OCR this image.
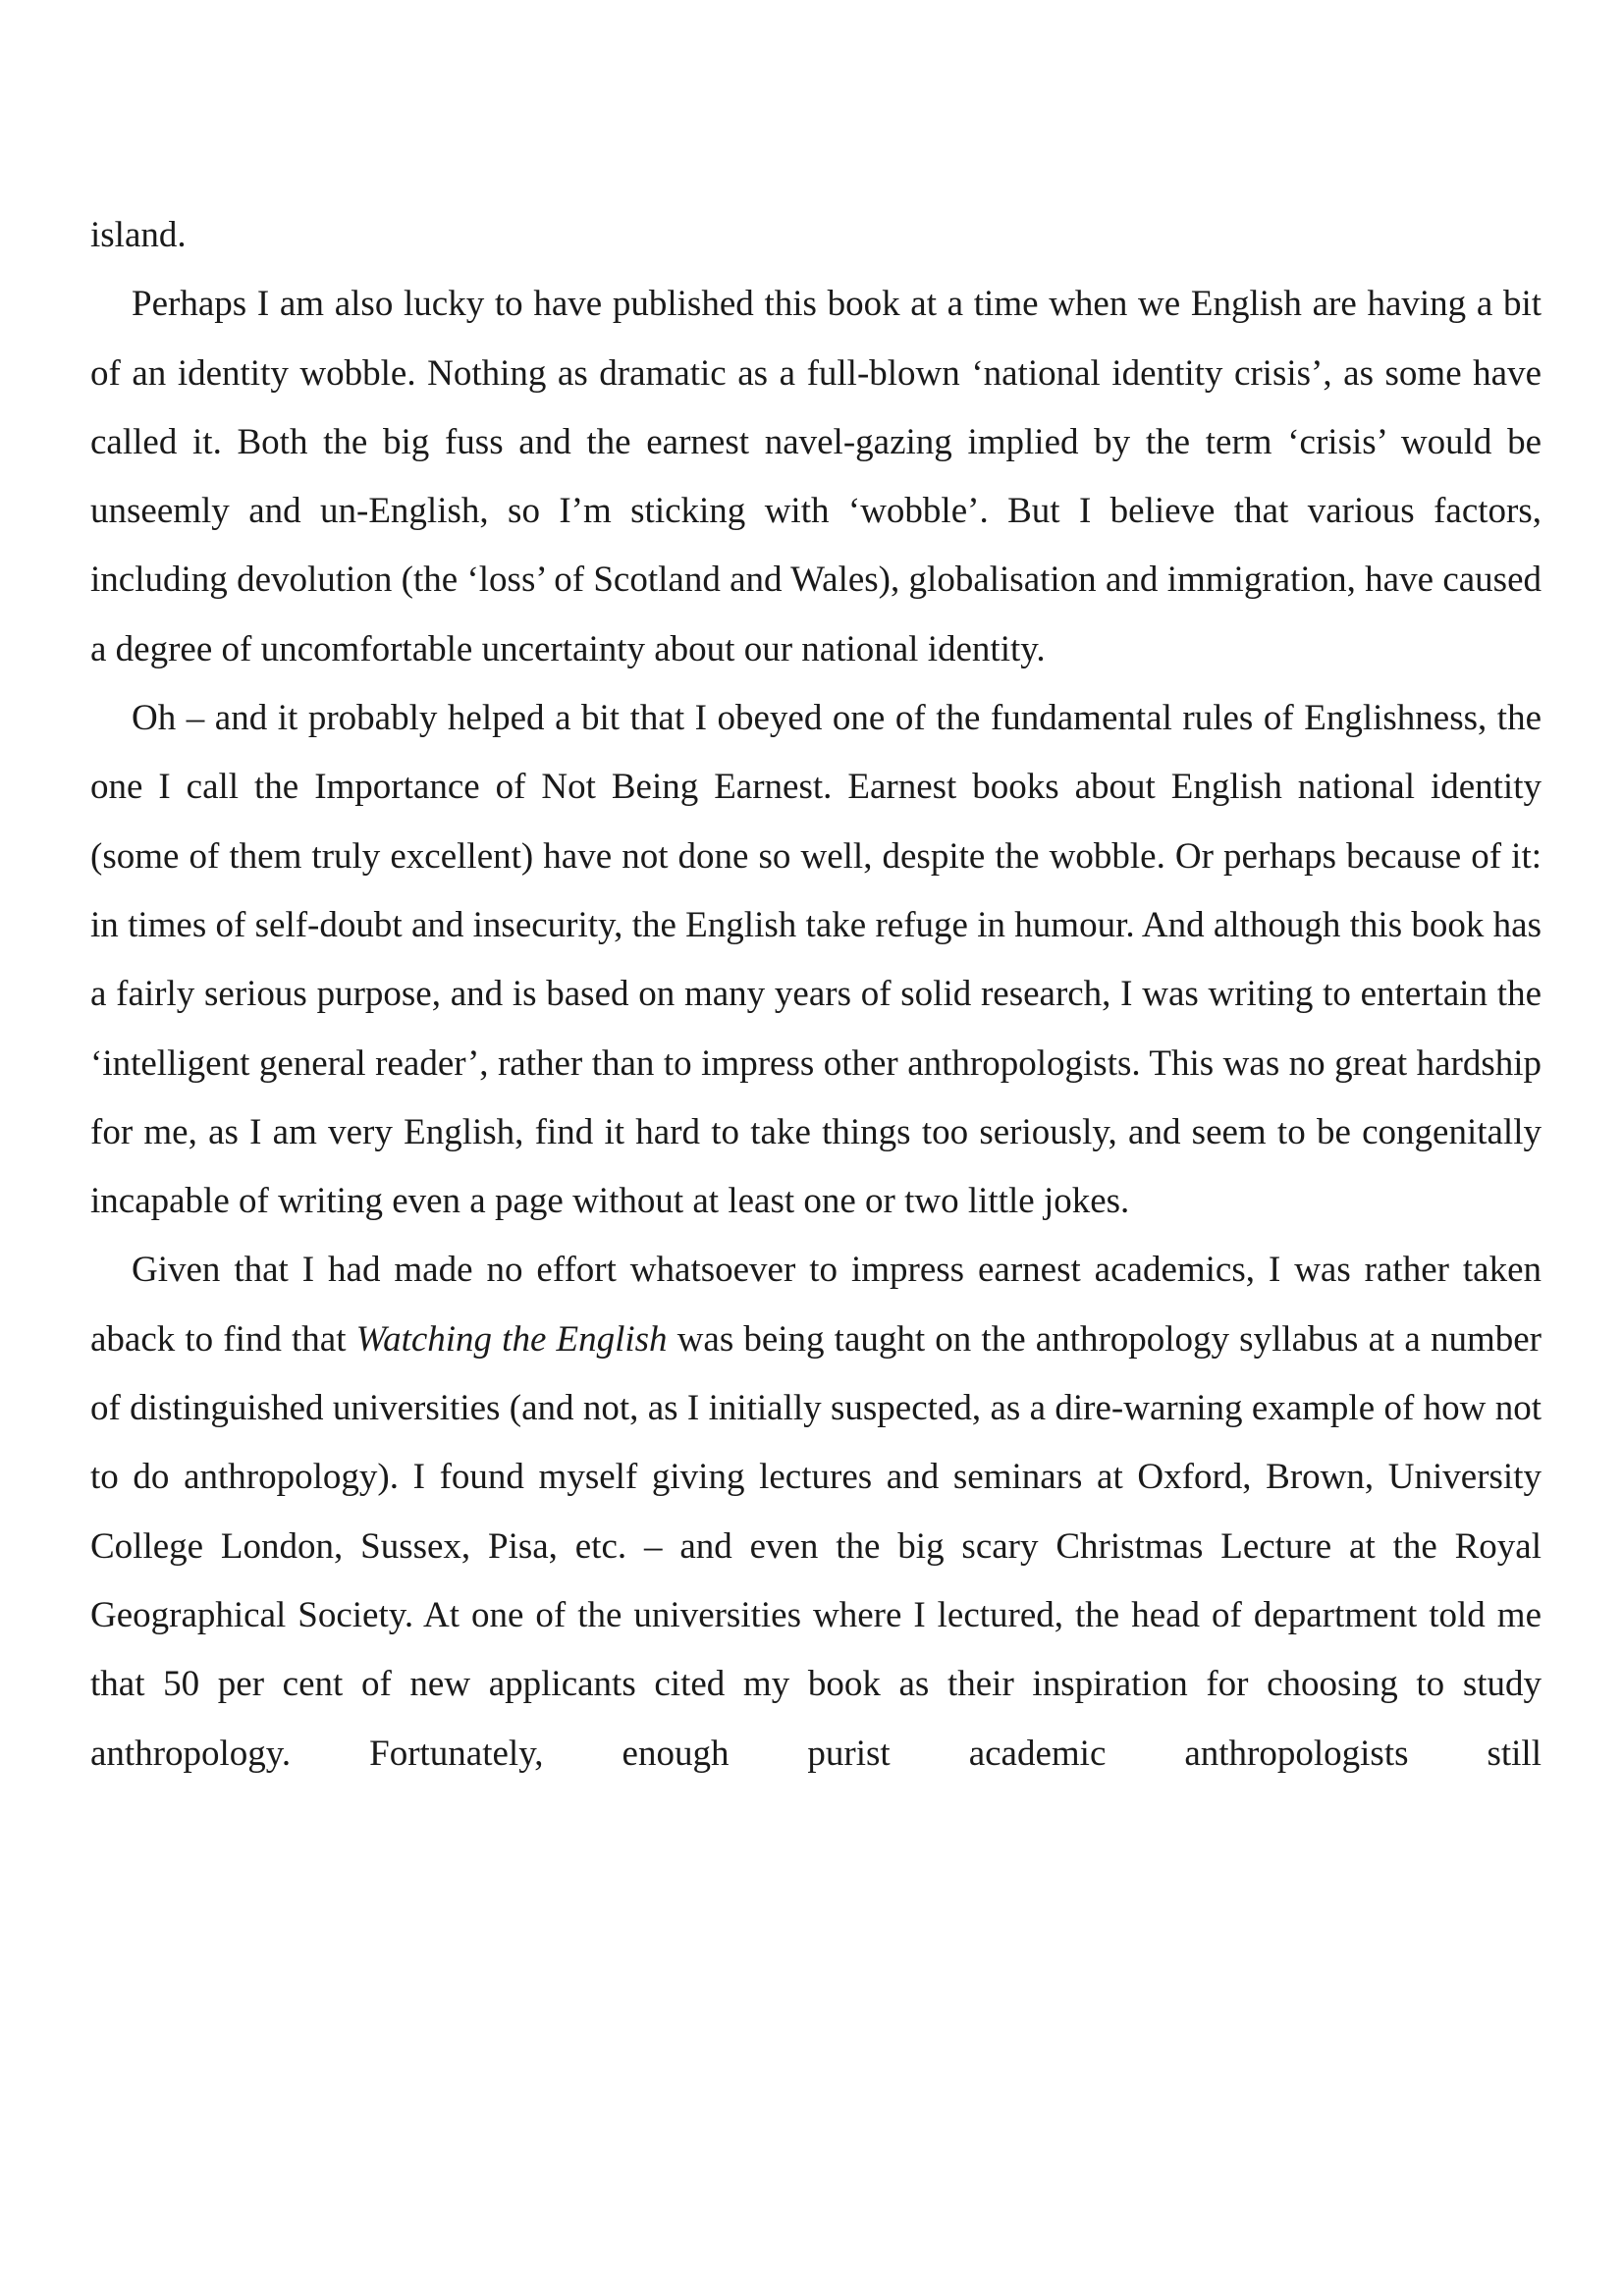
island.

Perhaps I am also lucky to have published this book at a time when we English are having a bit of an identity wobble. Nothing as dramatic as a full-blown ‘national identity crisis’, as some have called it. Both the big fuss and the earnest navel-gazing implied by the term ‘crisis’ would be unseemly and un-English, so I’m sticking with ‘wobble’. But I believe that various factors, including devolution (the ‘loss’ of Scotland and Wales), globalisation and immigration, have caused a degree of uncomfortable uncertainty about our national identity.

Oh – and it probably helped a bit that I obeyed one of the fundamental rules of Englishness, the one I call the Importance of Not Being Earnest. Earnest books about English national identity (some of them truly excellent) have not done so well, despite the wobble. Or perhaps because of it: in times of self-doubt and insecurity, the English take refuge in humour. And although this book has a fairly serious purpose, and is based on many years of solid research, I was writing to entertain the ‘intelligent general reader’, rather than to impress other anthropologists. This was no great hardship for me, as I am very English, find it hard to take things too seriously, and seem to be congenitally incapable of writing even a page without at least one or two little jokes.

Given that I had made no effort whatsoever to impress earnest academics, I was rather taken aback to find that Watching the English was being taught on the anthropology syllabus at a number of distinguished universities (and not, as I initially suspected, as a dire-warning example of how not to do anthropology). I found myself giving lectures and seminars at Oxford, Brown, University College London, Sussex, Pisa, etc. – and even the big scary Christmas Lecture at the Royal Geographical Society. At one of the universities where I lectured, the head of department told me that 50 per cent of new applicants cited my book as their inspiration for choosing to study anthropology. Fortunately, enough purist academic anthropologists still
